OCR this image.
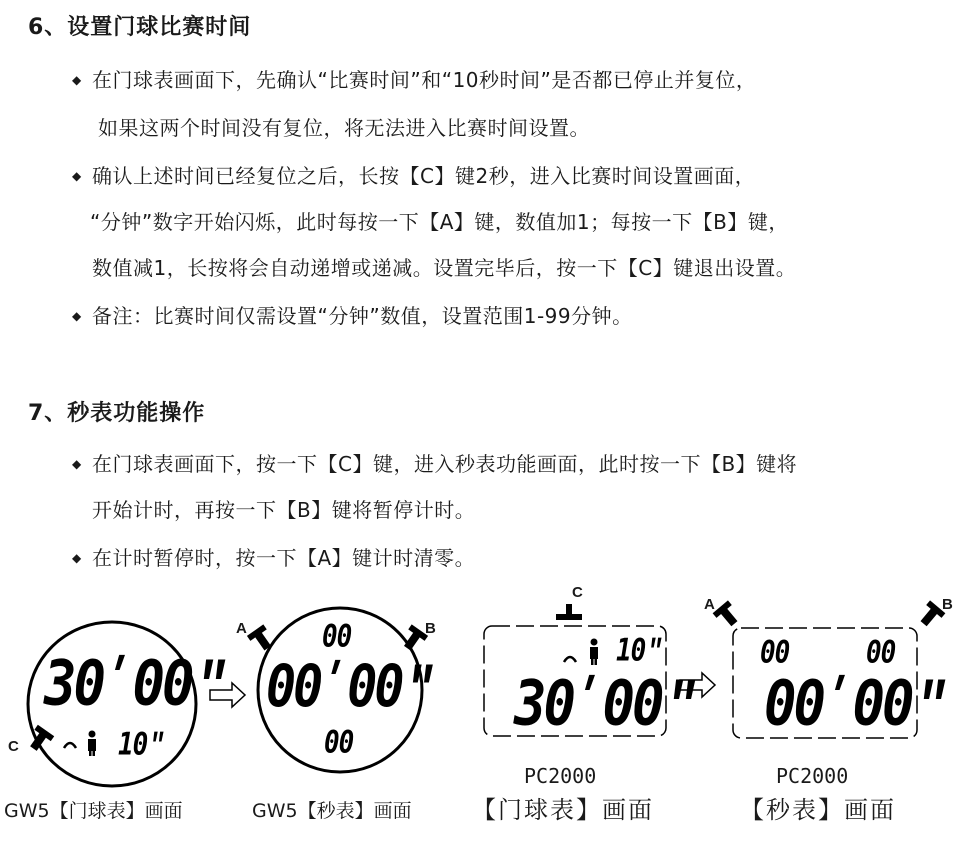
6、设置门球比赛时间
◆ 在门球表画面下，先确认“比赛时间”和“10秒时间”是否都已停止并复位，
如果这两个时间没有复位，将无法进入比赛时间设置。
◆ 确认上述时间已经复位之后，长按【C】键2秒，进入比赛时间设置画面，
“分钟”数字开始闪烁，此时每按一下【A】键，数值加1；每按一下【B】键，
数值减1，长按将会自动递增或递减。设置完毕后，按一下【C】键退出设置。
◆ 备注：比赛时间仅需设置“分钟”数值，设置范围1-99分钟。
7、秒表功能操作
◆ 在门球表画面下，按一下【C】键，进入秒表功能画面，此时按一下【B】键将
开始计时，再按一下【B】键将暂停计时。
◆ 在计时暂停时，按一下【A】键计时清零。
30ʹ00ʺ
10ʺ
C
GW5【门球表】画面
00
00ʹ00ʺ
00
A	B
GW5【秒表】画面
C
10ʺ
30ʹ00ʺ
PC2000
【门球表】画面
A	B
00	00
00ʹ00ʺ
PC2000
【秒表】画面
